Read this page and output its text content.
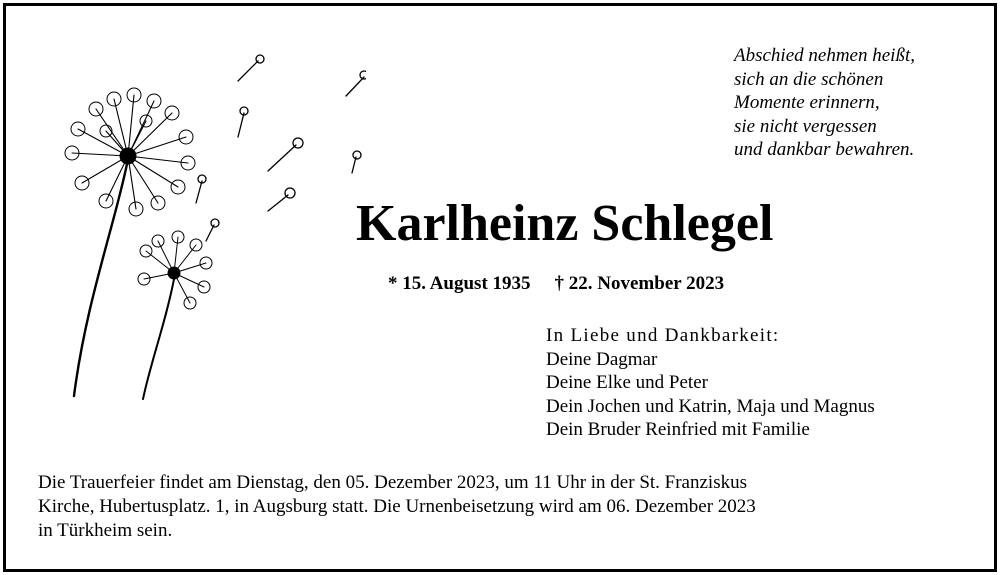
Abschied nehmen heißt,
sich an die schönen
Momente erinnern,
sie nicht vergessen
und dankbar bewahren.
Karlheinz Schlegel
* 15. August 1935 † 22. November 2023
In Liebe und Dankbarkeit:
Deine Dagmar
Deine Elke und Peter
Dein Jochen und Katrin, Maja und Magnus
Dein Bruder Reinfried mit Familie
Die Trauerfeier findet am Dienstag, den 05. Dezember 2023, um 11 Uhr in der St. Franziskus
Kirche, Hubertusplatz. 1, in Augsburg statt. Die Urnenbeisetzung wird am 06. Dezember 2023
in Türkheim sein.
